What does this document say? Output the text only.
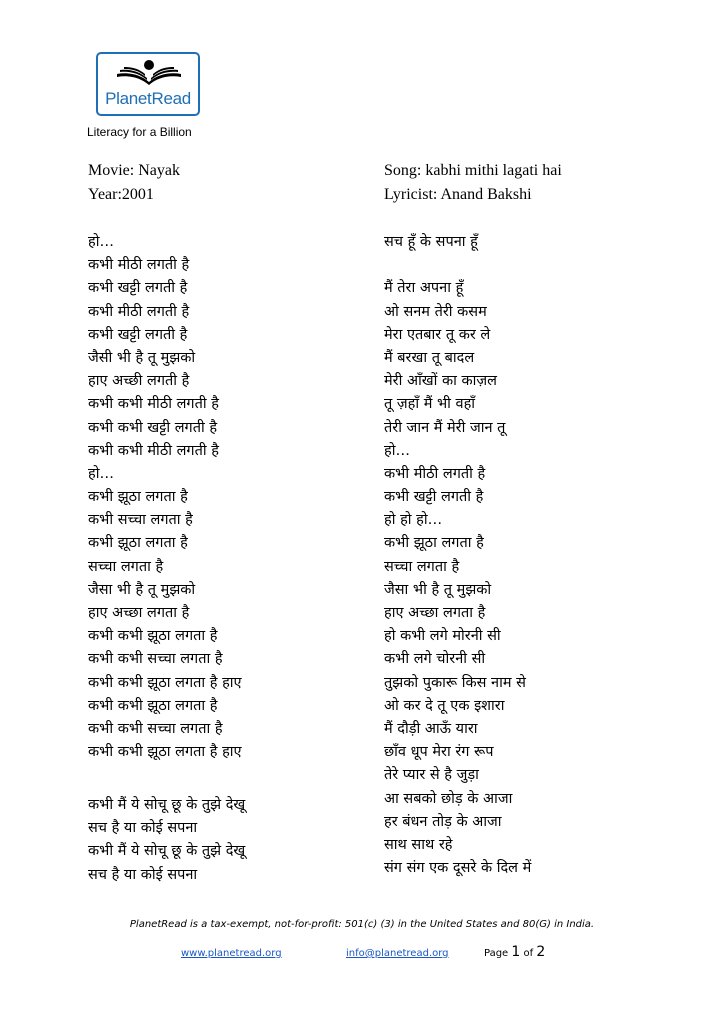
PlanetRead
Literacy for a Billion
Movie: Nayak
Year:2001
Song: kabhi mithi lagati hai
Lyricist: Anand Bakshi
हो…
कभी मीठी लगती है
कभी खट्टी लगती है
कभी मीठी लगती है
कभी खट्टी लगती है
जैसी भी है तू मुझको
हाए अच्छी लगती है
कभी कभी मीठी लगती है
कभी कभी खट्टी लगती है
कभी कभी मीठी लगती है
हो…
कभी झूठा लगता है
कभी सच्चा लगता है
कभी झूठा लगता है
सच्चा लगता है
जैसा भी है तू मुझको
हाए अच्छा लगता है
कभी कभी झूठा लगता है
कभी कभी सच्चा लगता है
कभी कभी झूठा लगता है हाए
कभी कभी झूठा लगता है
कभी कभी सच्चा लगता है
कभी कभी झूठा लगता है हाए
कभी मैं ये सोचू छू के तुझे देखू
सच है या कोई सपना
कभी मैं ये सोचू छू के तुझे देखू
सच है या कोई सपना
सच हूँ के सपना हूँ
मैं तेरा अपना हूँ
ओ सनम तेरी कसम
मेरा एतबार तू कर ले
मैं बरखा तू बादल
मेरी आँखों का काज़ल
तू ज़हाँ मैं भी वहाँ
तेरी जान मैं मेरी जान तू
हो…
कभी मीठी लगती है
कभी खट्टी लगती है
हो हो हो…
कभी झूठा लगता है
सच्चा लगता है
जैसा भी है तू मुझको
हाए अच्छा लगता है
हो कभी लगे मोरनी सी
कभी लगे चोरनी सी
तुझको पुकारू किस नाम से
ओ कर दे तू एक इशारा
मैं दौड़ी आऊँ यारा
छाँव धूप मेरा रंग रूप
तेरे प्यार से है जुड़ा
आ सबको छोड़ के आजा
हर बंधन तोड़ के आजा
साथ साथ रहे
संग संग एक दूसरे के दिल में
PlanetRead is a tax-exempt, not-for-profit: 501(c) (3) in the United States and 80(G) in India.
www.planetread.org	info@planetread.org	Page 1 of 2
